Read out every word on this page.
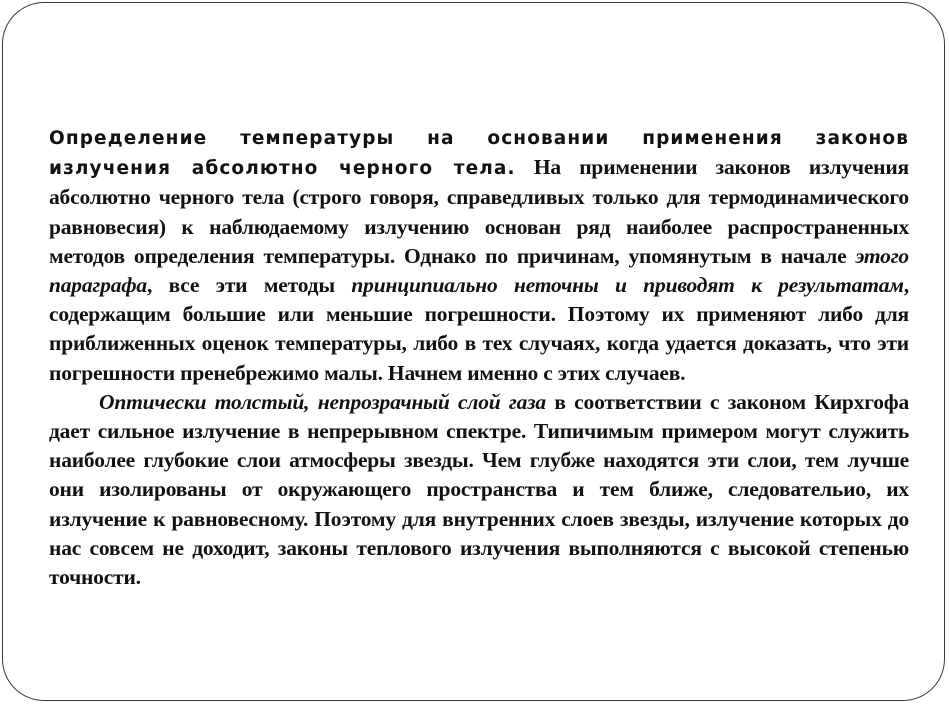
Определение температуры на основании применения законов излучения абсолютно черного тела. На применении законов излучения абсолютно черного тела (строго говоря, справедливых только для термодинамического равновесия) к наблюдаемому излучению основан ряд наиболее распространенных методов определения температуры. Однако по причинам, упомянутым в начале этого параграфа, все эти методы принципиально неточны и приводят к результатам, содержащим большие или меньшие погрешности. Поэтому их применяют либо для приближенных оценок температуры, либо в тех случаях, когда удается доказать, что эти погрешности пренебрежимо малы. Начнем именно с этих случаев.

Оптически толстый, непрозрачный слой газа в соответствии с законом Кирхгофа дает сильное излучение в непрерывном спектре. Типичимым примером могут служить наиболее глубокие слои атмосферы звезды. Чем глубже находятся эти слои, тем лучше они изолированы от окружающего пространства и тем ближе, следовательио, их излучение к равновесному. Поэтому для внутренних слоев звезды, излучение которых до нас совсем не доходит, законы теплового излучения выполняются с высокой степенью точности.
